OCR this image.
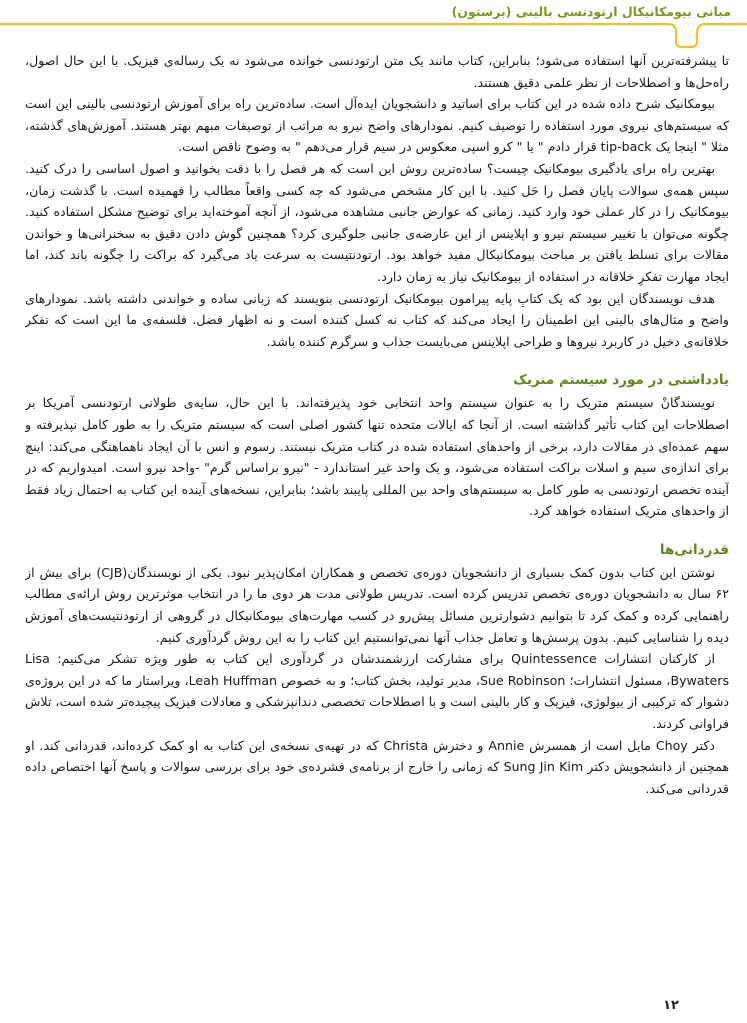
مبانی بیومکانیکال ارتودنسی بالینی (برستون)

تا پیشرفته‌ترین آنها استفاده می‌شود؛ بنابراین، کتاب مانند یک متن ارتودنسی خوانده می‌شود نه یک رساله‌ی فیزیک. با این حال اصول، راه‌حل‌ها و اصطلاحات از نظر علمی دقیق هستند.

بیومکانیک شرح داده شده در این کتاب برای اساتید و دانشجویان ایده‌آل است. ساده‌ترین راه برای آموزش ارتودنسی بالینی این است که سیستم‌های نیروی مورد استفاده را توصیف کنیم. نمودارهای واضح نیرو به مراتب از توصیفات مبهم بهتر هستند. آموزش‌های گذشته، مثلا " اینجا یک tip-back قرار دادم " یا " کرو اسپی معکوس در سیم قرار می‌دهم " به وضوح ناقص است.

بهترین راه برای یادگیری بیومکانیک چیست؟ ساده‌ترین روش این است که هر فصل را با دقت بخوانید و اصول اساسی را درک کنید. سپس همه‌ی سوالات پایان فصل را حَل کنید. با این کار مشخص می‌شود که چه کسی واقعاً مطالب را فهمیده است. با گذشت زمان، بیومکانیک را در کار عملی خود وارد کنید. زمانی که عوارض جانبی مشاهده می‌شود، از آنچه آموخته‌اید برای توضیح مشکل استفاده کنید. چگونه می‌توان با تغییر سیستم نیرو و اپلاینس از این عارضه‌ی جانبی جلوگیری کرد؟ همچنین گوش دادن دقیق به سخنرانی‌ها و خواندن مقالات برای تسلط یافتن بر مباحث بیومکانیکال مفید خواهد بود. ارتودنتیست به سرعت یاد می‌گیرد که براکت را چگونه باند کند، اما ایجاد مهارت تفکرِ خلاقانه در استفاده از بیومکانیک نیاز به زمان دارد.

هدف نویسندگان این بود که یک کتابِ پایه پیرامون بیومکانیک ارتودنسی بنویسند که زبانی ساده و خواندنی داشته باشد. نمودارهای واضح و مثال‌های بالینی این اطمینان را ایجاد می‌کند که کتاب نه کسل کننده است و نه اظهار فضل. فلسفه‌ی ما این است که تفکر خلاقانه‌ی دخیل در کاربرد نیروها و طراحی اپلاینس می‌بایست جذاب و سرگرم کننده باشد.

یادداشتی در مورد سیستم متریک

نویسندگانْ سیستم متریک را به عنوان سیستم واحد انتخابی خود پذیرفته‌اند. با این حال، سایه‌ی طولانی ارتودنسی آمریکا بر اصطلاحات این کتاب تأثیر گذاشته است. از آنجا که ایالات متحده تنها کشور اصلی است که سیستم متریک را به طور کامل نپذیرفته و سهم عمده‌ای در مقالات دارد، برخی از واحدهای استفاده شده در کتاب متریک نیستند. رسوم و انس با آن ایجاد ناهماهنگی می‌کند: اینچ برای اندازه‌ی سیم و اسلات براکت استفاده می‌شود، و یک واحد غیر استاندارد - "نیرو براساس گرم" -واحد نیرو است. امیدواریم که در آینده تخصص ارتودنسی به طور کامل به سیستم‌های واحد بین المللی پایبند باشد؛ بنابراین، نسخه‌های آینده این کتاب به احتمال زیاد فقط از واحدهای متریک استفاده خواهد کرد.

قدردانی‌ها

نوشتن این کتاب بدون کمک بسیاری از دانشجویان دوره‌ی تخصص و همکاران امکان‌پذیر نبود. یکی از نویسندگان(CJB) برای بیش از ۶۲ سال به دانشجویان دوره‌ی تخصص تدریس کرده است. تدریس طولانی مدت هر دوی ما را در انتخاب موثرترین روش ارائه‌ی مطالب راهنمایی کرده و کمک کرد تا بتوانیم دشوارترین مسائل پیش‌رو در کسب مهارت‌های بیومکانیکال در گروهی از ارتودنتیست‌های آموزش دیده را شناسایی کنیم. بدون پرسش‌ها و تعامل جذاب آنها نمی‌توانستیم این کتاب را به این روش گردآوری کنیم.

از کارکنان انتشارات Quintessence برای مشارکت ارزشمندشان در گردآوری این کتاب به طور ویژه تشکر می‌کنیم: Lisa Bywaters، مسئول انتشارات؛ Sue Robinson، مدیر تولید، بخش کتاب؛ و به خصوص Leah Huffman، ویراستار ما که در این پروژه‌ی دشوار که ترکیبی از بیولوژی، فیزیک و کار بالینی است و با اصطلاحات تخصصی دندانپزشکی و معادلات فیزیک پیچیده‌تر شده است، تلاش فراوانی کردند.

دکتر Choy مایل است از همسرش Annie و دخترش Christa که در تهیه‌ی نسخه‌ی این کتاب به او کمک کرده‌اند، قدردانی کند. او همچنین از دانشجویش دکتر Sung Jin Kim که زمانی را خارج از برنامه‌ی فشرده‌ی خود برای بررسی سوالات و پاسخ آنها اختصاص داده قدردانی می‌کند.

۱۲
